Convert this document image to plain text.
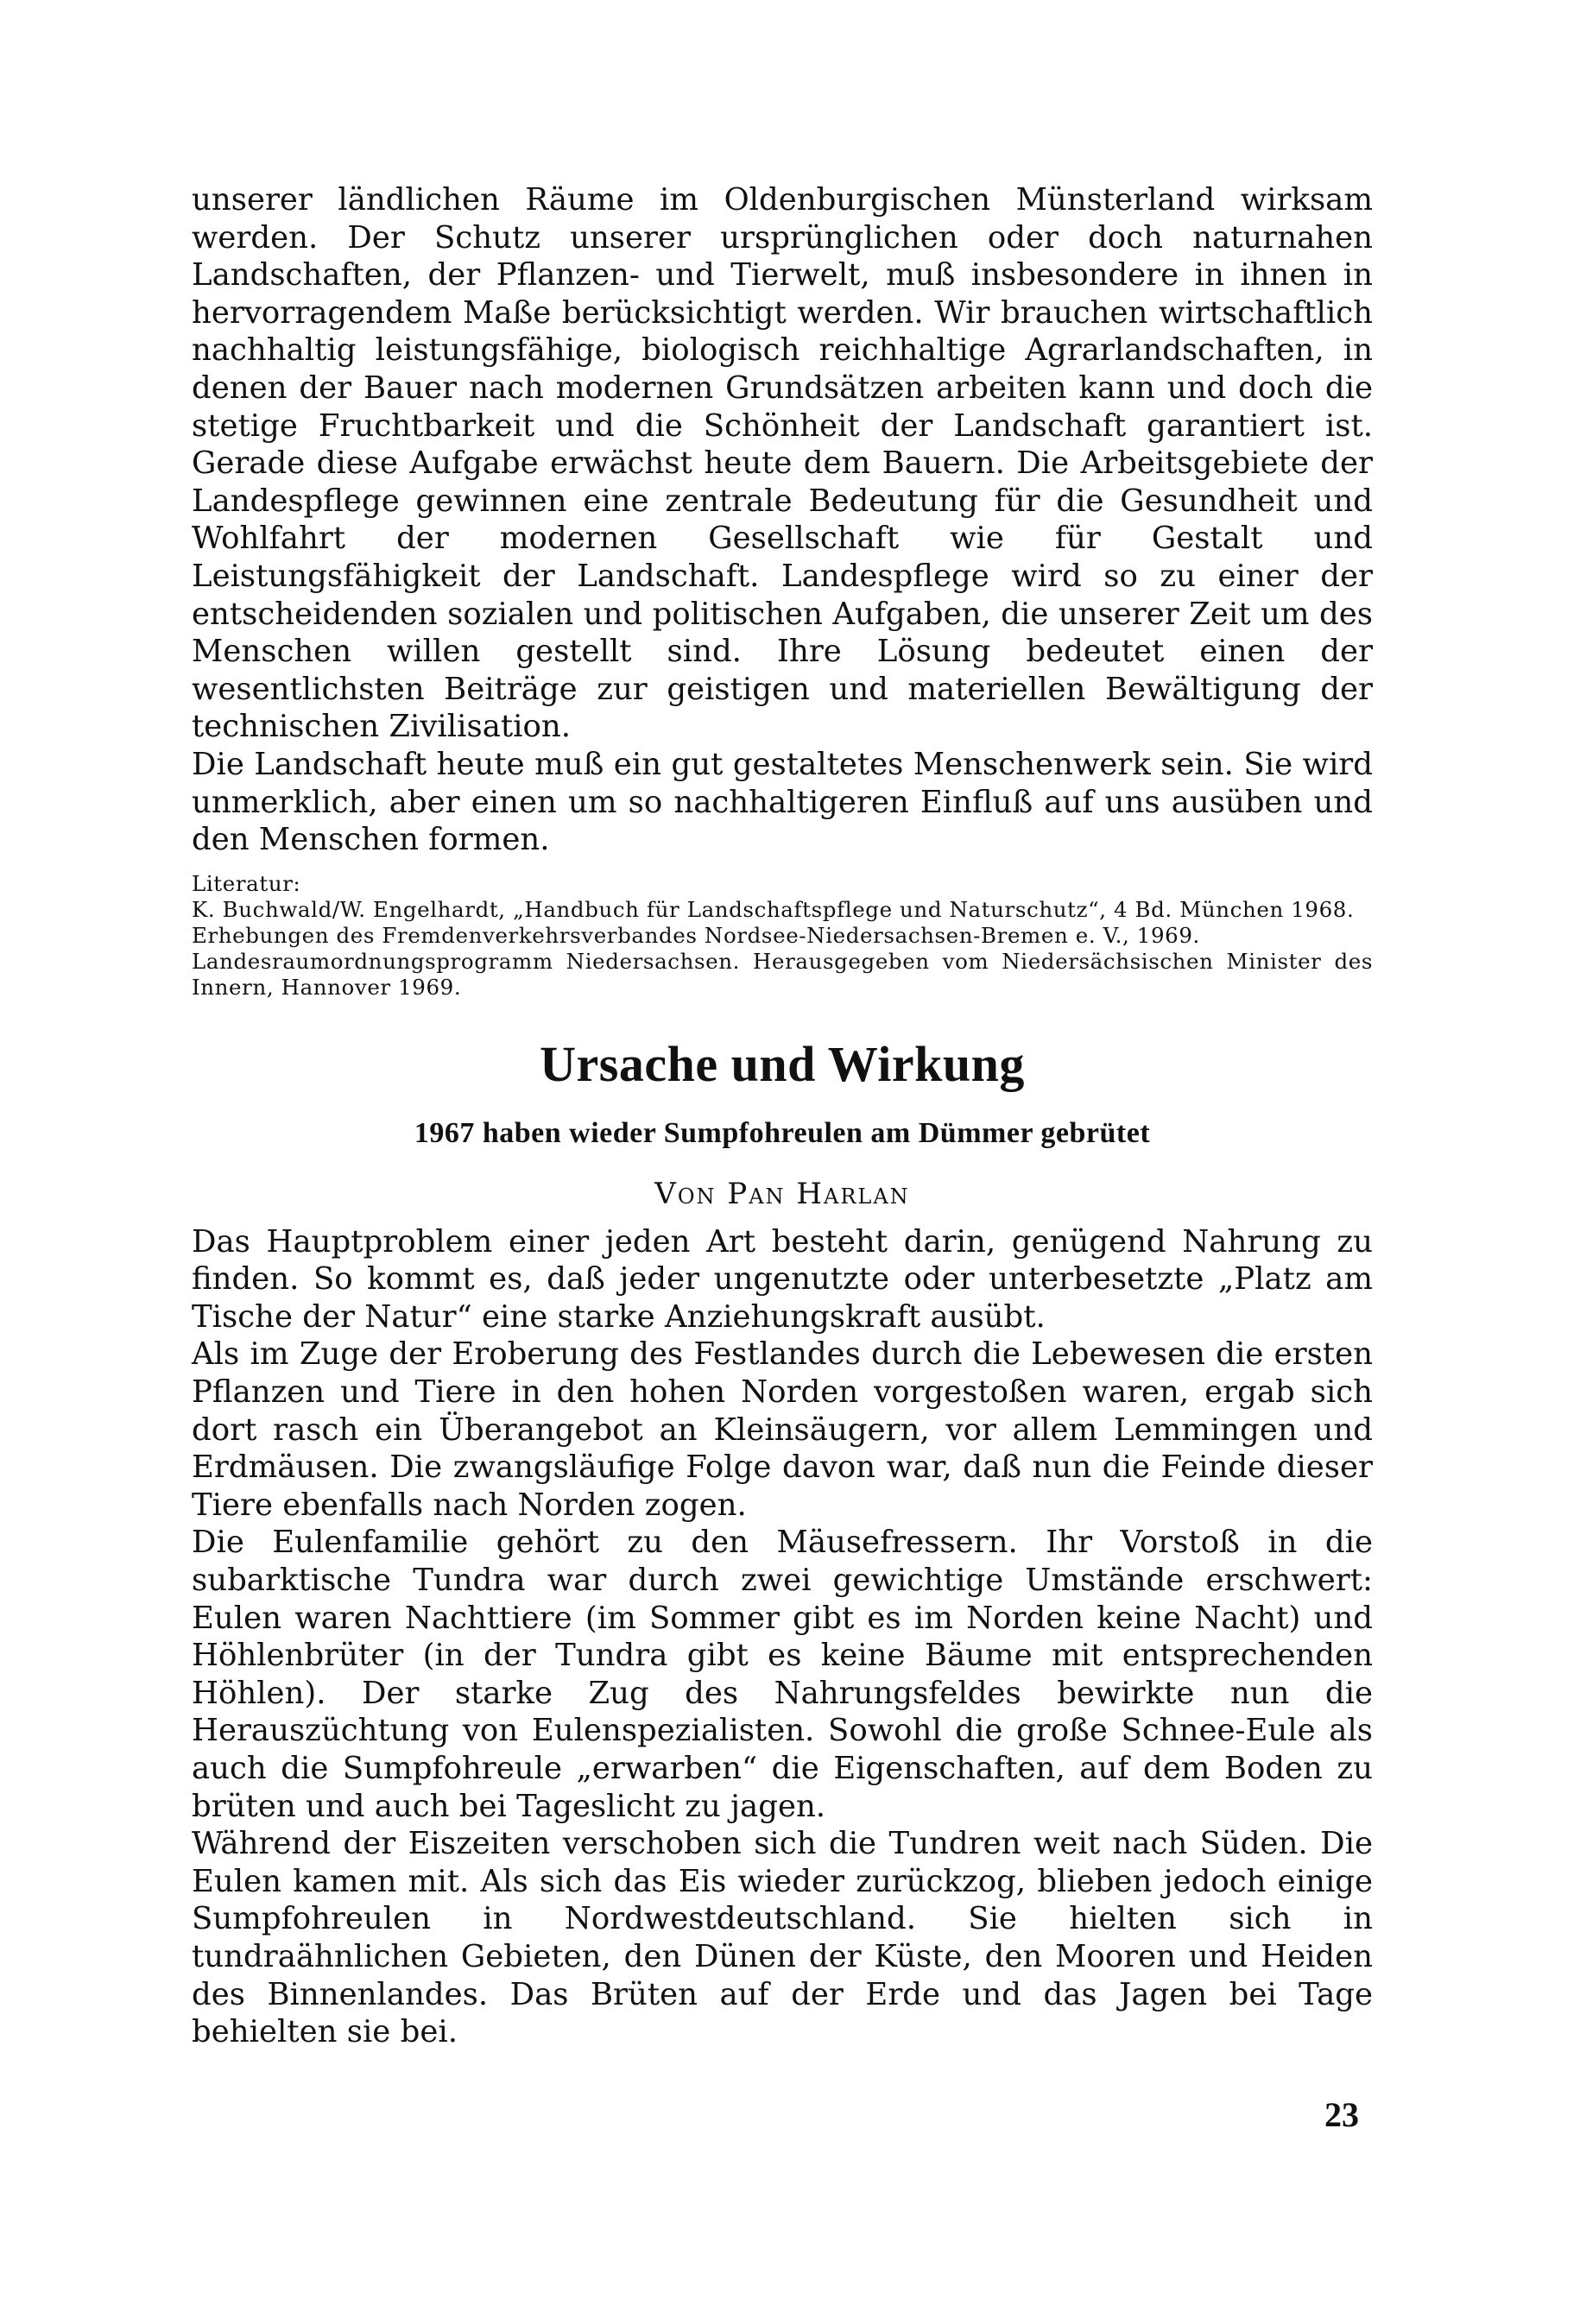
unserer ländlichen Räume im Oldenburgischen Münsterland wirksam werden. Der Schutz unserer ursprünglichen oder doch naturnahen Landschaften, der Pflanzen- und Tierwelt, muß insbesondere in ihnen in hervorragendem Maße berücksichtigt werden. Wir brauchen wirtschaftlich nachhaltig leistungsfähige, biologisch reichhaltige Agrarlandschaften, in denen der Bauer nach modernen Grundsätzen arbeiten kann und doch die stetige Fruchtbarkeit und die Schönheit der Landschaft garantiert ist. Gerade diese Aufgabe erwächst heute dem Bauern. Die Arbeitsgebiete der Landespflege gewinnen eine zentrale Bedeutung für die Gesundheit und Wohlfahrt der modernen Gesellschaft wie für Gestalt und Leistungsfähigkeit der Landschaft. Landespflege wird so zu einer der entscheidenden sozialen und politischen Aufgaben, die unserer Zeit um des Menschen willen gestellt sind. Ihre Lösung bedeutet einen der wesentlichsten Beiträge zur geistigen und materiellen Bewältigung der technischen Zivilisation.

Die Landschaft heute muß ein gut gestaltetes Menschenwerk sein. Sie wird unmerklich, aber einen um so nachhaltigeren Einfluß auf uns ausüben und den Menschen formen.

Literatur:

K. Buchwald/W. Engelhardt, „Handbuch für Landschaftspflege und Naturschutz“, 4 Bd. München 1968.

Erhebungen des Fremdenverkehrsverbandes Nordsee-Niedersachsen-Bremen e. V., 1969.

Landesraumordnungsprogramm Niedersachsen. Herausgegeben vom Niedersächsischen Minister des Innern, Hannover 1969.

Ursache und Wirkung
1967 haben wieder Sumpfohreulen am Dümmer gebrütet
Von Pan Harlan

Das Hauptproblem einer jeden Art besteht darin, genügend Nahrung zu finden. So kommt es, daß jeder ungenutzte oder unterbesetzte „Platz am Tische der Natur“ eine starke Anziehungskraft ausübt.

Als im Zuge der Eroberung des Festlandes durch die Lebewesen die ersten Pflanzen und Tiere in den hohen Norden vorgestoßen waren, ergab sich dort rasch ein Überangebot an Kleinsäugern, vor allem Lemmingen und Erdmäusen. Die zwangsläufige Folge davon war, daß nun die Feinde dieser Tiere ebenfalls nach Norden zogen.

Die Eulenfamilie gehört zu den Mäusefressern. Ihr Vorstoß in die subarktische Tundra war durch zwei gewichtige Umstände erschwert: Eulen waren Nachttiere (im Sommer gibt es im Norden keine Nacht) und Höhlenbrüter (in der Tundra gibt es keine Bäume mit entsprechenden Höhlen). Der starke Zug des Nahrungsfeldes bewirkte nun die Herauszüchtung von Eulenspezialisten. Sowohl die große Schnee-Eule als auch die Sumpfohreule „erwarben“ die Eigenschaften, auf dem Boden zu brüten und auch bei Tageslicht zu jagen.

Während der Eiszeiten verschoben sich die Tundren weit nach Süden. Die Eulen kamen mit. Als sich das Eis wieder zurückzog, blieben jedoch einige Sumpfohreulen in Nordwestdeutschland. Sie hielten sich in tundraähnlichen Gebieten, den Dünen der Küste, den Mooren und Heiden des Binnenlandes. Das Brüten auf der Erde und das Jagen bei Tage behielten sie bei.

23
